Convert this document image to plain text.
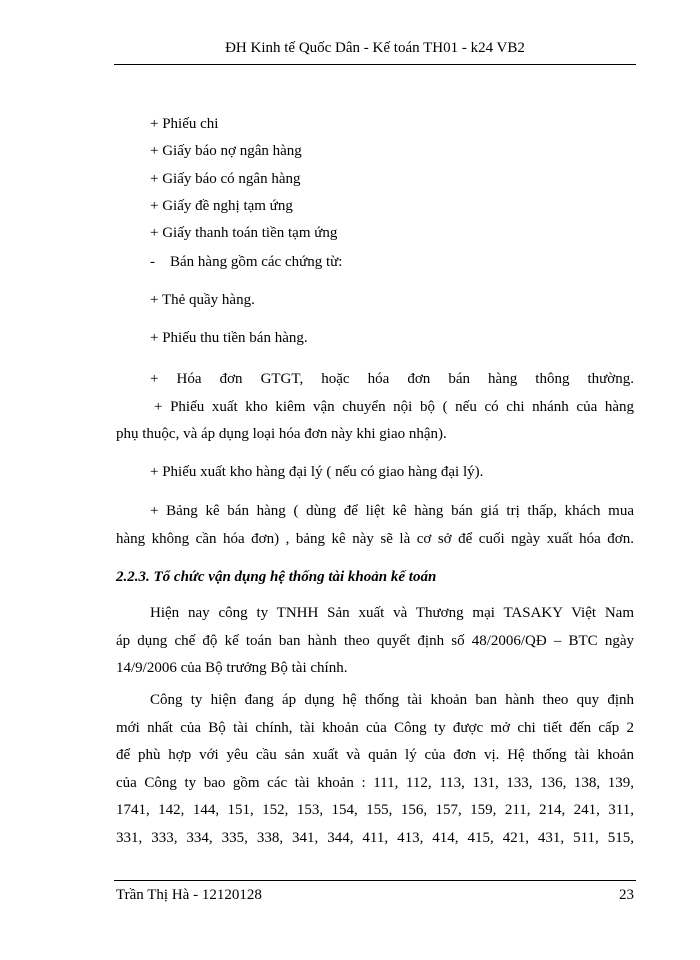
ĐH Kinh tế Quốc Dân - Kế toán TH01 - k24 VB2
+ Phiếu chi
+ Giấy báo nợ ngân hàng
+ Giấy báo có ngân hàng
+ Giấy đề nghị tạm ứng
+ Giấy thanh toán tiền tạm ứng
-    Bán hàng gồm các chứng từ:
+ Thẻ quầy hàng.
+ Phiếu thu tiền bán hàng.
+ Hóa đơn GTGT, hoặc hóa đơn bán hàng thông thường.
+ Phiếu xuất kho kiêm vận chuyển nội bộ ( nếu có chi nhánh của hàng
phụ thuộc, và áp dụng loại hóa đơn này khi giao nhận).
+ Phiếu xuất kho hàng đại lý ( nếu có giao hàng đại lý).
+ Bảng kê bán hàng ( dùng để liệt kê hàng bán giá trị thấp, khách mua
hàng không cần hóa đơn) , bảng kê này sẽ là cơ sở để cuối ngày xuất hóa đơn.
2.2.3. Tổ chức vận dụng hệ thống tài khoản kế toán
Hiện nay công ty TNHH Sản xuất và Thương mại TASAKY Việt Nam
áp dụng chế độ kế toán ban hành theo quyết định số 48/2006/QĐ – BTC ngày
14/9/2006 của Bộ trưởng Bộ tài chính.
Công ty hiện đang áp dụng hệ thống tài khoản ban hành theo quy định
mới nhất của Bộ tài chính, tài khoản của Công ty được mở chi tiết đến cấp 2
để phù hợp với yêu cầu sản xuất và quản lý của đơn vị. Hệ thống tài khoản
của Công ty bao gồm các tài khoản : 111, 112, 113, 131, 133, 136, 138, 139,
1741, 142, 144, 151, 152, 153, 154, 155, 156, 157, 159, 211, 214, 241, 311,
331, 333, 334, 335, 338, 341, 344, 411, 413, 414, 415, 421, 431, 511, 515,
Trần Thị Hà - 12120128	23
